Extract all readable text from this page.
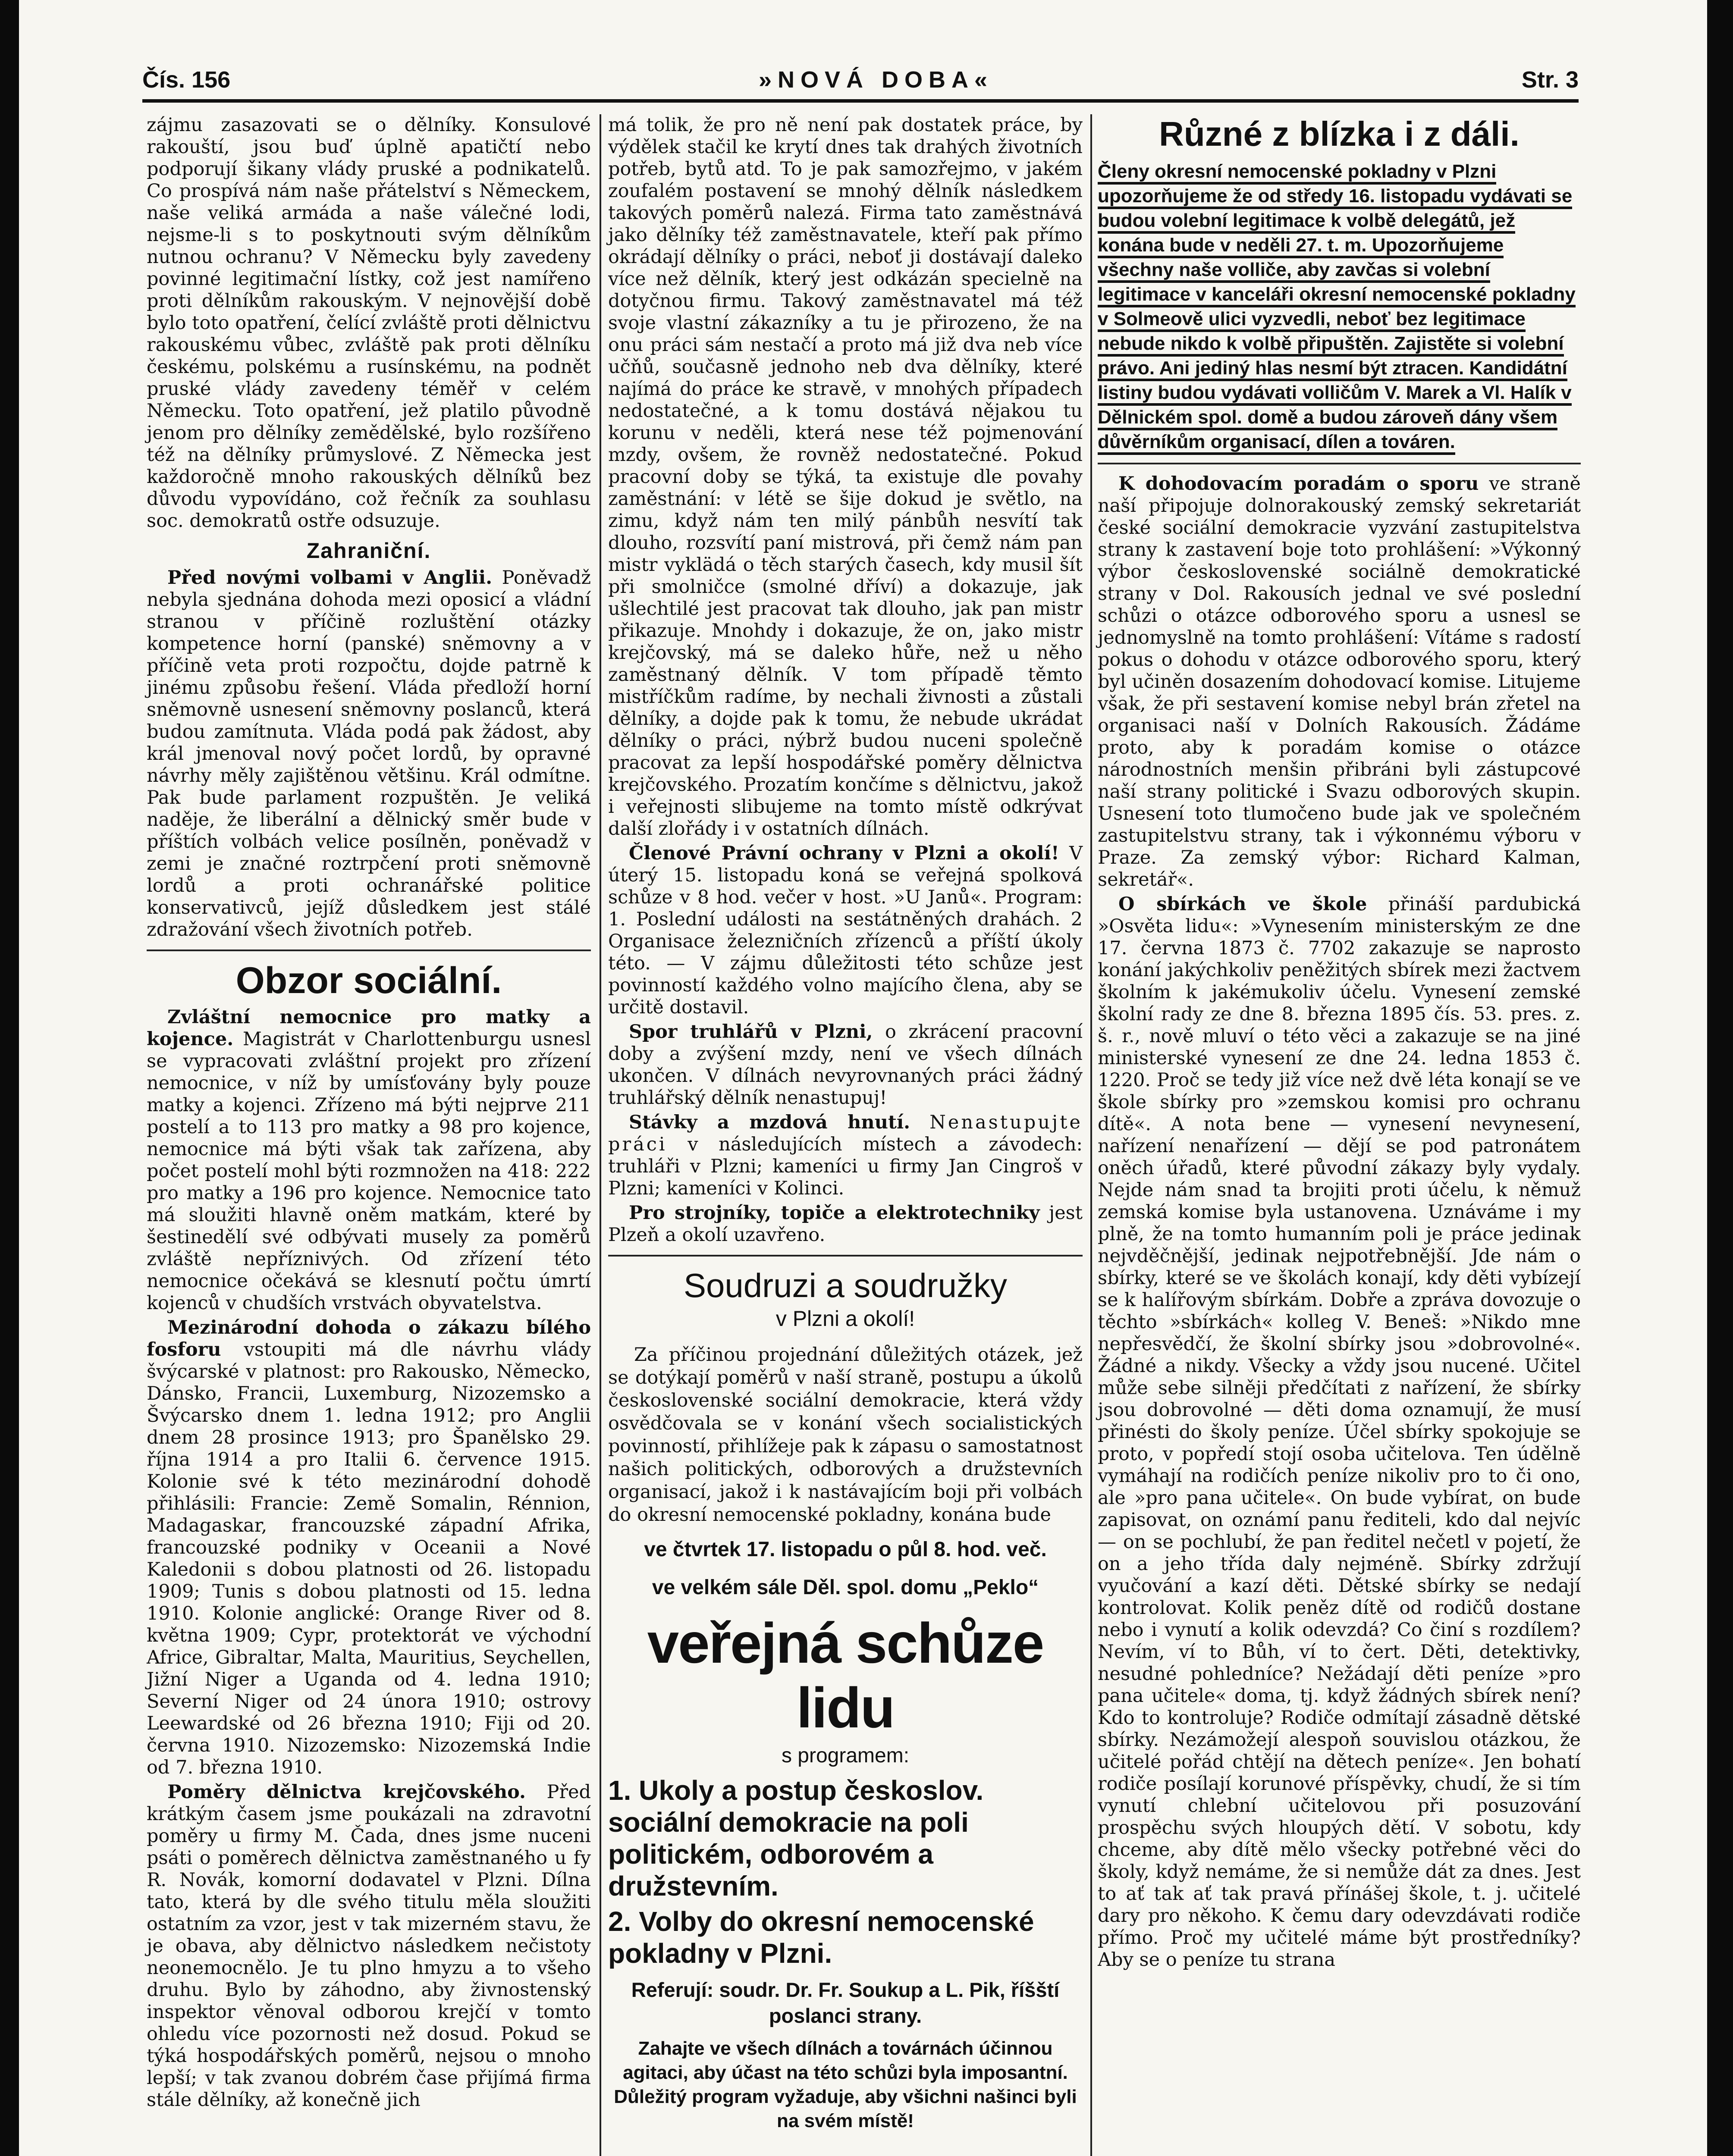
Čís. 156	»NOVÁ DOBA«	Str. 3

zájmu zasazovati se o dělníky. Konsulové rakouští, jsou buď úplně apatičtí nebo podporují šikany vlády pruské a podnikatelů. Co prospívá nám naše přátelství s Německem, naše veliká armáda a naše válečné lodi, nejsme-li s to poskytnouti svým dělníkům nutnou ochranu? V Německu byly zavedeny povinné legitimační lístky, což jest namířeno proti dělníkům rakouským. V nejnovější době bylo toto opatření, čelící zvláště proti dělnictvu rakouskému vůbec, zvláště pak proti dělníku českému, polskému a rusínskému, na podnět pruské vlády zavedeny téměř v celém Německu. Toto opatření, jež platilo původně jenom pro dělníky zemědělské, bylo rozšířeno též na dělníky průmyslové. Z Německa jest každoročně mnoho rakouských dělníků bez důvodu vypovídáno, což řečník za souhlasu soc. demokratů ostře odsuzuje.

Zahraniční.

Před novými volbami v Anglii. Poněvadž nebyla sjednána dohoda mezi oposicí a vládní stranou v příčině rozluštění otázky kompetence horní (panské) sněmovny a v příčině veta proti rozpočtu, dojde patrně k jinému způsobu řešení. Vláda předloží horní sněmovně usnesení sněmovny poslanců, která budou zamítnuta. Vláda podá pak žádost, aby král jmenoval nový počet lordů, by opravné návrhy měly zajištěnou většinu. Král odmítne. Pak bude parlament rozpuštěn. Je veliká naděje, že liberální a dělnický směr bude v příštích volbách velice posílněn, poněvadž v zemi je značné roztrpčení proti sněmovně lordů a proti ochranářské politice konservativců, jejíž důsledkem jest stálé zdražování všech životních potřeb.

Obzor sociální.

Zvláštní nemocnice pro matky a kojence. Magistrát v Charlottenburgu usnesl se vypracovati zvláštní projekt pro zřízení nemocnice, v níž by umísťovány byly pouze matky a kojenci. Zřízeno má býti nejprve 211 postelí a to 113 pro matky a 98 pro kojence, nemocnice má býti však tak zařízena, aby počet postelí mohl býti rozmnožen na 418: 222 pro matky a 196 pro kojence. Nemocnice tato má sloužiti hlavně oněm matkám, které by šestinedělí své odbývati musely za poměrů zvláště nepříznivých. Od zřízení této nemocnice očekává se klesnutí počtu úmrtí kojenců v chudších vrstvách obyvatelstva.

Mezinárodní dohoda o zákazu bílého fosforu vstoupiti má dle návrhu vlády švýcarské v platnost: pro Rakousko, Německo, Dánsko, Francii, Luxemburg, Nizozemsko a Švýcarsko dnem 1. ledna 1912; pro Anglii dnem 28 prosince 1913; pro Španělsko 29. října 1914 a pro Italii 6. července 1915. Kolonie své k této mezinárodní dohodě přihlásili: Francie: Země Somalin, Rénnion, Madagaskar, francouzské západní Afrika, francouzské podniky v Oceanii a Nové Kaledonii s dobou platnosti od 26. listopadu 1909; Tunis s dobou platnosti od 15. ledna 1910. Kolonie anglické: Orange River od 8. května 1909; Cypr, protektorát ve východní Africe, Gibraltar, Malta, Mauritius, Seychellen, Jižní Niger a Uganda od 4. ledna 1910; Severní Niger od 24 února 1910; ostrovy Leewardské od 26 března 1910; Fiji od 20. června 1910. Nizozemsko: Nizozemská Indie od 7. března 1910.

Poměry dělnictva krejčovského. Před krátkým časem jsme poukázali na zdravotní poměry u firmy M. Čada, dnes jsme nuceni psáti o poměrech dělnictva zaměstnaného u fy R. Novák, komorní dodavatel v Plzni. Dílna tato, která by dle svého titulu měla sloužiti ostatním za vzor, jest v tak mizerném stavu, že je obava, aby dělnictvo následkem nečistoty neonemocnělo. Je tu plno hmyzu a to všeho druhu. Bylo by záhodno, aby živnostenský inspektor věnoval odborou krejčí v tomto ohledu více pozornosti než dosud. Pokud se týká hospodářských poměrů, nejsou o mnoho lepší; v tak zvanou dobrém čase přijímá firma stále dělníky, až konečně jich

má tolik, že pro ně není pak dostatek práce, by výdělek stačil ke krytí dnes tak drahých životních potřeb, bytů atd. To je pak samozřejmo, v jakém zoufalém postavení se mnohý dělník následkem takových poměrů nalezá. Firma tato zaměstnává jako dělníky též zaměstnavatele, kteří pak přímo okrádají dělníky o práci, neboť ji dostávají daleko více než dělník, který jest odkázán specielně na dotyčnou firmu. Takový zaměstnavatel má též svoje vlastní zákazníky a tu je přirozeno, že na onu práci sám nestačí a proto má již dva neb více učňů, současně jednoho neb dva dělníky, které najímá do práce ke stravě, v mnohých případech nedostatečné, a k tomu dostává nějakou tu korunu v neděli, která nese též pojmenování mzdy, ovšem, že rovněž nedostatečné. Pokud pracovní doby se týká, ta existuje dle povahy zaměstnání: v létě se šije dokud je světlo, na zimu, když nám ten milý pánbůh nesvítí tak dlouho, rozsvítí paní mistrová, při čemž nám pan mistr vyklädá o těch starých časech, kdy musil šít při smolničce (smolné dříví) a dokazuje, jak ušlechtilé jest pracovat tak dlouho, jak pan mistr přikazuje. Mnohdy i dokazuje, že on, jako mistr krejčovský, má se daleko hůře, než u něho zaměstnaný dělník. V tom případě těmto mistříčkům radíme, by nechali živnosti a zůstali dělníky, a dojde pak k tomu, že nebude ukrádat dělníky o práci, nýbrž budou nuceni společně pracovat za lepší hospodářské poměry dělnictva krejčovského. Prozatím končíme s dělnictvu, jakož i veřejnosti slibujeme na tomto místě odkrývat další zlořády i v ostatních dílnách.

Členové Právní ochrany v Plzni a okolí! V úterý 15. listopadu koná se veřejná spolková schůze v 8 hod. večer v host. »U Janů«. Program: 1. Poslední události na sestátněných drahách. 2 Organisace železničních zřízenců a příští úkoly této. — V zájmu důležitosti této schůze jest povinností každého volno majícího člena, aby se určitě dostavil.

Spor truhlářů v Plzni, o zkrácení pracovní doby a zvýšení mzdy, není ve všech dílnách ukončen. V dílnách nevyrovnaných práci žádný truhlářský dělník nenastupuj!

Stávky a mzdová hnutí. Nenastupujte práci v následujících místech a závodech: truhláři v Plzni; kameníci u firmy Jan Cingroš v Plzni; kameníci v Kolinci.

Pro strojníky, topiče a elektrotechniky jest Plzeň a okolí uzavřeno.

Soudruzi a soudružky
v Plzni a okolí!

Za příčinou projednání důležitých otázek, jež se dotýkají poměrů v naší straně, postupu a úkolů československé sociální demokracie, která vždy osvědčovala se v konání všech socialistických povinností, přihlížeje pak k zápasu o samostatnost našich politických, odborových a družstevních organisací, jakož i k nastávajícím boji při volbách do okresní nemocenské pokladny, konána bude

ve čtvrtek 17. listopadu o půl 8. hod. več.
ve velkém sále Děl. spol. domu „Peklo“
veřejná schůze lidu
s programem:
1. Ukoly a postup českoslov. sociální demokracie na poli politickém, odborovém a družstevním.
2. Volby do okresní nemocenské pokladny v Plzni.
Referují: soudr. Dr. Fr. Soukup a L. Pik, říšští poslanci strany.
Zahajte ve všech dílnách a továrnách účinnou agitaci, aby účast na této schůzi byla imposantní. Důležitý program vyžaduje, aby všichni našinci byli na svém místě!
Různé z blízka i z dáli.

Členy okresní nemocenské pokladny v Plzni upozorňujeme že od středy 16. listopadu vydávati se budou volební legitimace k volbě delegátů, jež konána bude v neděli 27. t. m. Upozorňujeme všechny naše volliče, aby zavčas si volební legitimace v kanceláři okresní nemocenské pokladny v Solmeově ulici vyzvedli, neboť bez legitimace nebude nikdo k volbě připuštěn. Zajistěte si volební právo. Ani jediný hlas nesmí být ztracen. Kandidátní listiny budou vydávati volličům V. Marek a Vl. Halík v Dělnickém spol. domě a budou zároveň dány všem důvěrníkům organisací, dílen a továren.

K dohodovacím poradám o sporu ve straně naší připojuje dolnorakouský zemský sekretariát české sociální demokracie vyzvání zastupitelstva strany k zastavení boje toto prohlášení: »Výkonný výbor československé sociálně demokratické strany v Dol. Rakousích jednal ve své poslední schůzi o otázce odborového sporu a usnesl se jednomyslně na tomto prohlášení: Vítáme s radostí pokus o dohodu v otázce odborového sporu, který byl učiněn dosazením dohodovací komise. Litujeme však, že při sestavení komise nebyl brán zřetel na organisaci naší v Dolních Rakousích. Žádáme proto, aby k poradám komise o otázce národnostních menšin přibráni byli zástupcové naší strany politické i Svazu odborových skupin. Usnesení toto tlumočeno bude jak ve společném zastupitelstvu strany, tak i výkonnému výboru v Praze. Za zemský výbor: Richard Kalman, sekretář«.

O sbírkách ve škole přináší pardubická »Osvěta lidu«: »Vynesením ministerským ze dne 17. června 1873 č. 7702 zakazuje se naprosto konání jakýchkoliv peněžitých sbírek mezi žactvem školním k jakémukoliv účelu. Vynesení zemské školní rady ze dne 8. března 1895 čís. 53. pres. z. š. r., nově mluví o této věci a zakazuje se na jiné ministerské vynesení ze dne 24. ledna 1853 č. 1220. Proč se tedy již více než dvě léta konají se ve škole sbírky pro »zemskou komisi pro ochranu dítě«. A nota bene — vynesení nevynesení, nařízení nenařízení — dějí se pod patronátem oněch úřadů, které původní zákazy byly vydaly. Nejde nám snad ta brojiti proti účelu, k němuž zemská komise byla ustanovena. Uznáváme i my plně, že na tomto humanním poli je práce jedinak nejvděčnější, jedinak nejpotřebnější. Jde nám o sbírky, které se ve školách konají, kdy děti vybízejí se k halířovým sbírkám. Dobře a zpráva dovozuje o těchto »sbírkách« kolleg V. Beneš: »Nikdo mne nepřesvědčí, že školní sbírky jsou »dobrovolné«. Žádné a nikdy. Všecky a vždy jsou nucené. Učitel může sebe silněji předčítati z nařízení, že sbírky jsou dobrovolné — děti doma oznamují, že musí přinésti do školy peníze. Účel sbírky spokojuje se proto, v popředí stojí osoba učitelova. Ten údělně vymáhají na rodičích peníze nikoliv pro to či ono, ale »pro pana učitele«. On bude vybírat, on bude zapisovat, on oznámí panu řediteli, kdo dal nejvíc — on se pochlubí, že pan ředitel nečetl v pojetí, že on a jeho třída daly nejméně. Sbírky zdržují vyučování a kazí děti. Dětské sbírky se nedají kontrolovat. Kolik peněz dítě od rodičů dostane nebo i vynutí a kolik odevzdá? Co činí s rozdílem? Nevím, ví to Bůh, ví to čert. Děti, detektivky, nesudné pohledníce? Nežádají děti peníze »pro pana učitele« doma, tj. když žádných sbírek není? Kdo to kontroluje? Rodiče odmítají zásadně dětské sbírky. Nezámožejí alespoň souvislou otázkou, že učitelé pořád chtějí na dětech peníze«. Jen bohatí rodiče posílají korunové příspěvky, chudí, že si tím vynutí chlební učitelovou při posuzování prospěchu svých hloupých dětí. V sobotu, kdy chceme, aby dítě mělo všecky potřebné věci do školy, když nemáme, že si nemůže dát za dnes. Jest to ať tak ať tak pravá přínášej škole, t. j. učitelé dary pro někoho. K čemu dary odevzdávati rodiče přímo. Proč my učitelé máme být prostředníky? Aby se o peníze tu strana
